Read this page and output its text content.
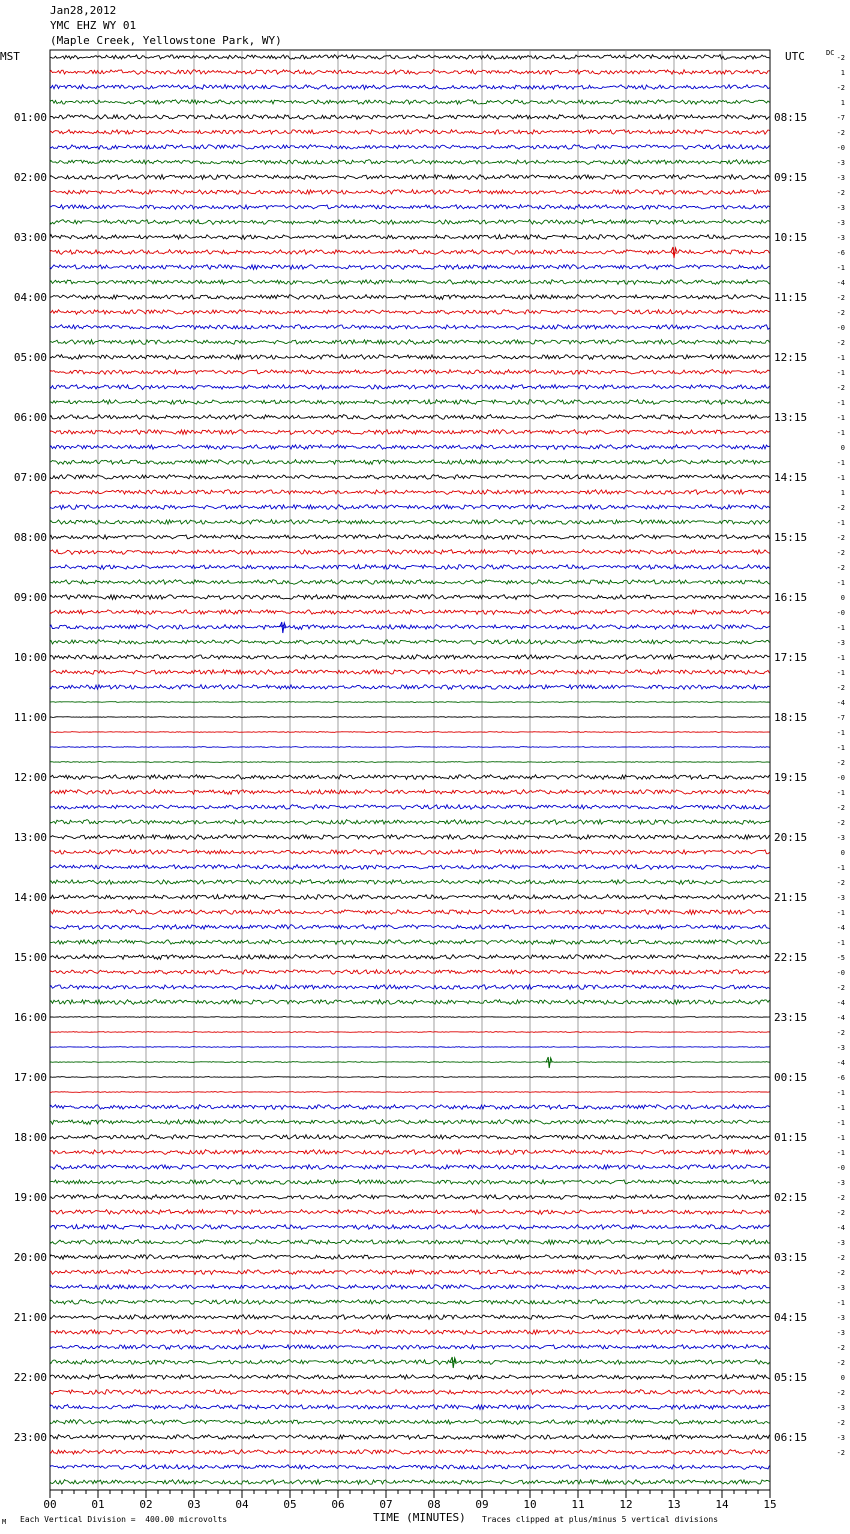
Jan28,2012
YMC EHZ WY 01
(Maple Creek, Yellowstone Park, WY)
MST	UTC	DC
01:00
02:00
03:00
04:00
05:00
06:00
07:00
08:00
09:00
10:00
11:00
12:00
13:00
14:00
15:00
16:00
17:00
18:00
19:00
20:00
21:00
22:00
23:00
08:15
09:15
10:15
11:15
12:15
13:15
14:15
15:15
16:15
17:15
18:15
19:15
20:15
21:15
22:15
23:15
00:15
01:15
02:15
03:15
04:15
05:15
06:15
-2
1
-2
1
-7
-2
-0
-3
-3
-2
-3
-3
-3
-6
-1
-4
-2
-2
-0
-2
-1
-1
-2
-1
-1
-1
0
-1
-1
1
-2
-1
-2
-2
-2
-1
0
-0
-1
-3
-1
-1
-2
-4
-7
-1
-1
-2
-0
-1
-2
-2
-3
0
-1
-2
-3
-1
-4
-1
-5
-0
-2
-4
-4
-2
-3
-4
-6
-1
-1
-1
-1
-1
-0
-3
-2
-2
-4
-3
-2
-2
-3
-1
-3
-3
-2
-2
0
-2
-3
-2
-3
-2
00	01	02	03	04	05	06	07	08	09	10	11	12	13	14	15
M Each Vertical Division =  400.00 microvolts	TIME (MINUTES) Traces clipped at plus/minus 5 vertical divisions
